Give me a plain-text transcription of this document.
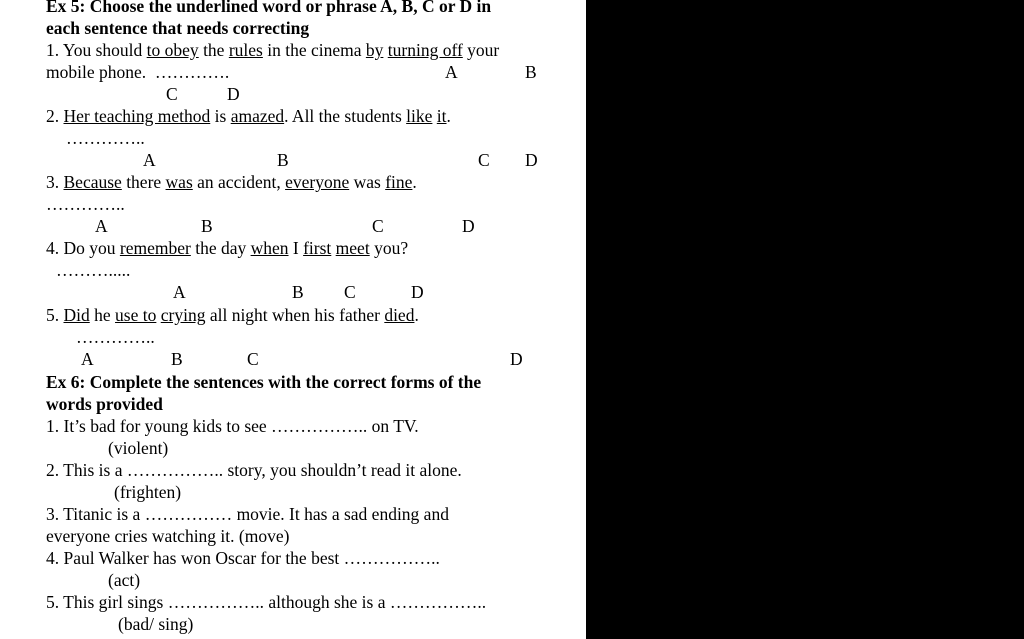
Ex 5: Choose the underlined word or phrase A, B, C or D in
each sentence that needs correcting
1. You should to obey the rules in the cinema by turning off your
mobile phone. ………….	A	B
C	D
2. Her teaching method is amazed. All the students like it.
…………..
A	B	C D
3. Because there was an accident, everyone was fine.
…………..
A	B	C	D
4. Do you remember the day when I first meet you?
……….....
A	B C	D
5. Did he use to crying all night when his father died.
…………..
A	B	C	D
Ex 6: Complete the sentences with the correct forms of the
words provided
1. It’s bad for young kids to see …………….. on TV.
(violent)
2. This is a …………….. story, you shouldn’t read it alone.
(frighten)
3. Titanic is a …………… movie. It has a sad ending and
everyone cries watching it. (move)
4. Paul Walker has won Oscar for the best ……………..
(act)
5. This girl sings …………….. although she is a ……………..
(bad/ sing)
